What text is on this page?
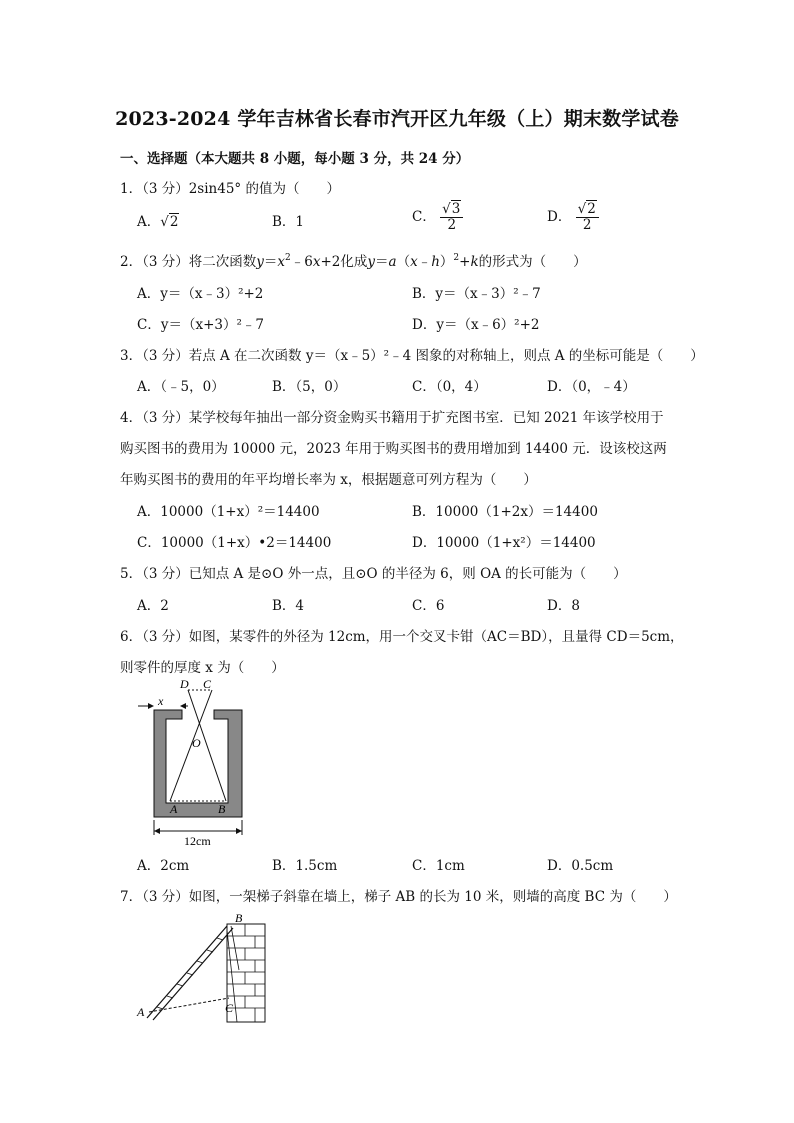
2023-2024 学年吉林省长春市汽开区九年级（上）期末数学试卷
一、选择题（本大题共 8 小题，每小题 3 分，共 24 分）
1．（3 分）2sin45° 的值为（　　）
A．√2	B．1	C． $\frac{√3}{2}$	D． $\frac{√2}{2}$
2．（3 分）将二次函数$y=x^2﹣6x+2$化成y＝a（x﹣h）$^2$+k的形式为（　　）
A．y＝（x﹣3）²+2	B．y＝（x﹣3）²﹣7
C．y＝（x+3）²﹣7	D．y＝（x﹣6）²+2
3．（3 分）若点 A 在二次函数 y＝（x﹣5）²﹣4 图象的对称轴上，则点 A 的坐标可能是（　　）
A．（﹣5，0）	B．（5，0）	C．（0，4）	D．（0，﹣4）
4．（3 分）某学校每年抽出一部分资金购买书籍用于扩充图书室．已知 2021 年该学校用于
购买图书的费用为 10000 元，2023 年用于购买图书的费用增加到 14400 元．设该校这两
年购买图书的费用的年平均增长率为 x，根据题意可列方程为（　　）
A．10000（1+x）²＝14400	B．10000（1+2x）＝14400
C．10000（1+x）•2＝14400	D．10000（1+x²）＝14400
5．（3 分）已知点 A 是⊙O 外一点，且⊙O 的半径为 6，则 OA 的长可能为（　　）
A．2	B．4	C．6	D．8
6．（3 分）如图，某零件的外径为 12cm，用一个交叉卡钳（AC＝BD），且量得 CD＝5cm，
则零件的厚度 x 为（　　）
D C
x
O
A	B
12cm
A．2cm	B．1.5cm	C．1cm	D．0.5cm
7．（3 分）如图，一架梯子斜靠在墙上，梯子 AB 的长为 10 米，则墙的高度 BC 为（　　）
A
B
C
